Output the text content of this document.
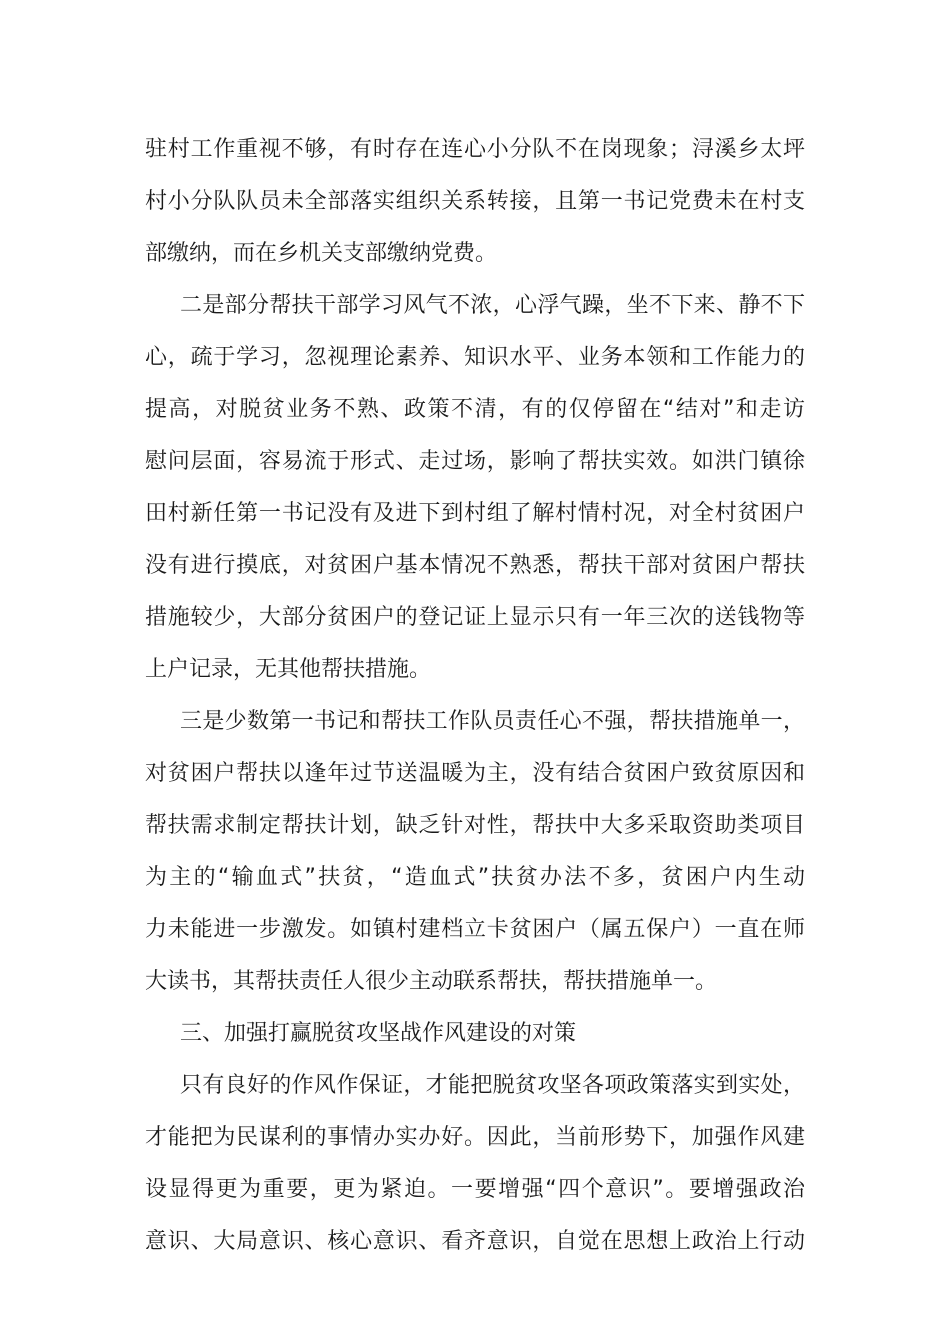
驻村工作重视不够，有时存在连心小分队不在岗现象；浔溪乡太坪
村小分队队员未全部落实组织关系转接，且第一书记党费未在村支
部缴纳，而在乡机关支部缴纳党费。
二是部分帮扶干部学习风气不浓，心浮气躁，坐不下来、静不下
心，疏于学习，忽视理论素养、知识水平、业务本领和工作能力的
提高，对脱贫业务不熟、政策不清，有的仅停留在“结对”和走访
慰问层面，容易流于形式、走过场，影响了帮扶实效。如洪门镇徐
田村新任第一书记没有及进下到村组了解村情村况，对全村贫困户
没有进行摸底，对贫困户基本情况不熟悉，帮扶干部对贫困户帮扶
措施较少，大部分贫困户的登记证上显示只有一年三次的送钱物等
上户记录，无其他帮扶措施。
三是少数第一书记和帮扶工作队员责任心不强，帮扶措施单一，
对贫困户帮扶以逢年过节送温暖为主，没有结合贫困户致贫原因和
帮扶需求制定帮扶计划，缺乏针对性，帮扶中大多采取资助类项目
为主的“输血式”扶贫，“造血式”扶贫办法不多，贫困户内生动
力未能进一步激发。如镇村建档立卡贫困户（属五保户）一直在师
大读书，其帮扶责任人很少主动联系帮扶，帮扶措施单一。
三、加强打赢脱贫攻坚战作风建设的对策
只有良好的作风作保证，才能把脱贫攻坚各项政策落实到实处，
才能把为民谋利的事情办实办好。因此，当前形势下，加强作风建
设显得更为重要，更为紧迫。一要增强“四个意识”。要增强政治
意识、大局意识、核心意识、看齐意识，自觉在思想上政治上行动
